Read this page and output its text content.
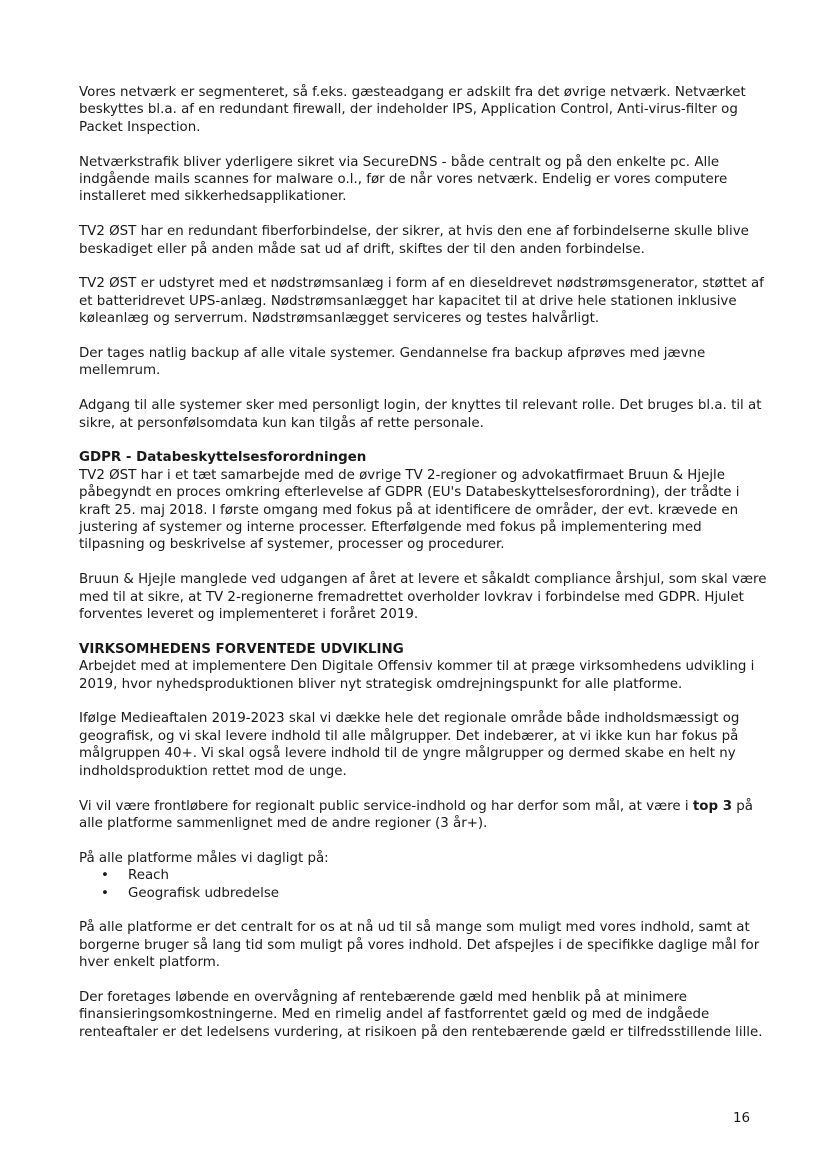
Vores netværk er segmenteret, så f.eks. gæsteadgang er adskilt fra det øvrige netværk. Netværket beskyttes bl.a. af en redundant firewall, der indeholder IPS, Application Control, Anti-virus-filter og Packet Inspection.

Netværkstrafik bliver yderligere sikret via SecureDNS - både centralt og på den enkelte pc. Alle indgående mails scannes for malware o.l., før de når vores netværk. Endelig er vores computere installeret med sikkerhedsapplikationer.

TV2 ØST har en redundant fiberforbindelse, der sikrer, at hvis den ene af forbindelserne skulle blive beskadiget eller på anden måde sat ud af drift, skiftes der til den anden forbindelse.

TV2 ØST er udstyret med et nødstrømsanlæg i form af en dieseldrevet nødstrømsgenerator, støttet af et batteridrevet UPS-anlæg. Nødstrømsanlægget har kapacitet til at drive hele stationen inklusive køleanlæg og serverrum. Nødstrømsanlægget serviceres og testes halvårligt.

Der tages natlig backup af alle vitale systemer. Gendannelse fra backup afprøves med jævne mellemrum.

Adgang til alle systemer sker med personligt login, der knyttes til relevant rolle. Det bruges bl.a. til at sikre, at personfølsomdata kun kan tilgås af rette personale.

GDPR - Databeskyttelsesforordningen

TV2 ØST har i et tæt samarbejde med de øvrige TV 2-regioner og advokatfirmaet Bruun & Hjejle påbegyndt en proces omkring efterlevelse af GDPR (EU's Databeskyttelsesforordning), der trådte i kraft 25. maj 2018. I første omgang med fokus på at identificere de områder, der evt. krævede en justering af systemer og interne processer. Efterfølgende med fokus på implementering med tilpasning og beskrivelse af systemer, processer og procedurer.

Bruun & Hjejle manglede ved udgangen af året at levere et såkaldt compliance årshjul, som skal være med til at sikre, at TV 2-regionerne fremadrettet overholder lovkrav i forbindelse med GDPR. Hjulet forventes leveret og implementeret i foråret 2019.

VIRKSOMHEDENS FORVENTEDE UDVIKLING

Arbejdet med at implementere Den Digitale Offensiv kommer til at præge virksomhedens udvikling i 2019, hvor nyhedsproduktionen bliver nyt strategisk omdrejningspunkt for alle platforme.

Ifølge Medieaftalen 2019-2023 skal vi dække hele det regionale område både indholdsmæssigt og geografisk, og vi skal levere indhold til alle målgrupper. Det indebærer, at vi ikke kun har fokus på målgruppen 40+. Vi skal også levere indhold til de yngre målgrupper og dermed skabe en helt ny indholdsproduktion rettet mod de unge.

Vi vil være frontløbere for regionalt public service-indhold og har derfor som mål, at være i top 3 på alle platforme sammenlignet med de andre regioner (3 år+).

På alle platforme måles vi dagligt på:

• Reach
• Geografisk udbredelse

På alle platforme er det centralt for os at nå ud til så mange som muligt med vores indhold, samt at borgerne bruger så lang tid som muligt på vores indhold. Det afspejles i de specifikke daglige mål for hver enkelt platform.

Der foretages løbende en overvågning af rentebærende gæld med henblik på at minimere finansieringsomkostningerne. Med en rimelig andel af fastforrentet gæld og med de indgåede renteaftaler er det ledelsens vurdering, at risikoen på den rentebærende gæld er tilfredsstillende lille.

16
